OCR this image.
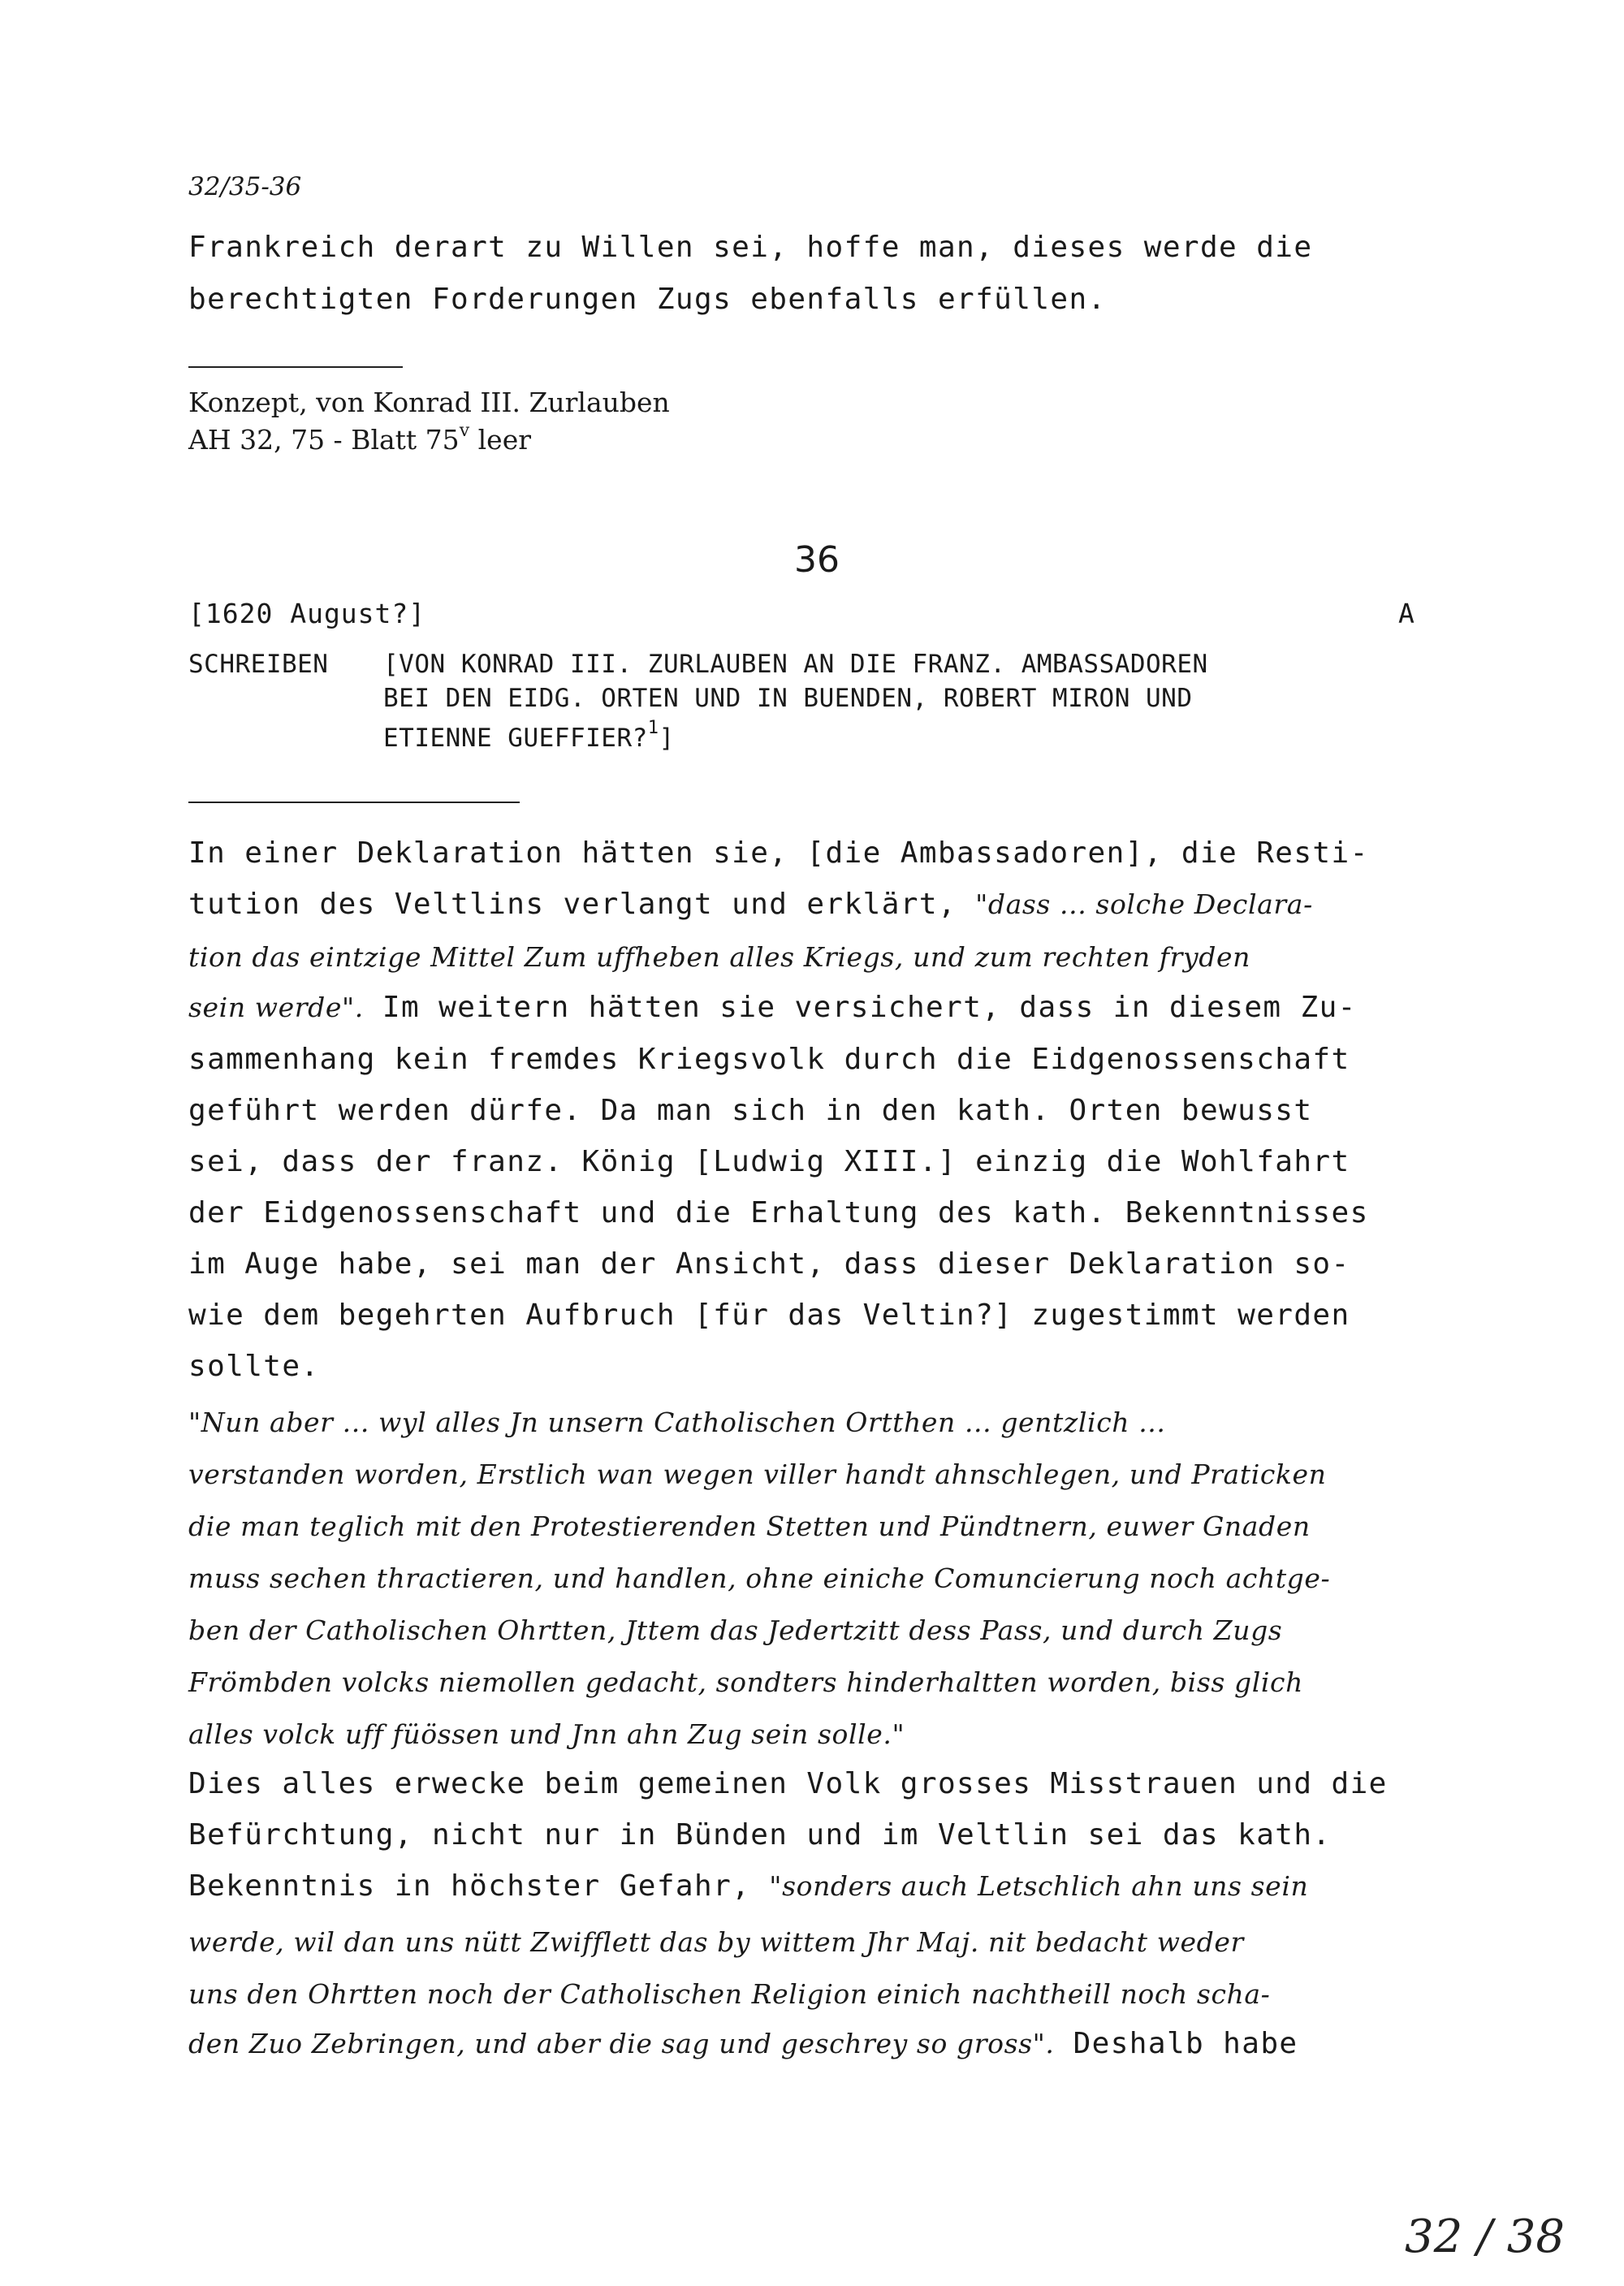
32/35-36
Frankreich derart zu Willen sei, hoffe man, dieses werde die
berechtigten Forderungen Zugs ebenfalls erfüllen.
Konzept, von Konrad III. Zurlauben
AH 32, 75 - Blatt 75$^v$ leer
36
[1620 August?]	A
SCHREIBEN [VON KONRAD III. ZURLAUBEN AN DIE FRANZ. AMBASSADOREN
BEI DEN EIDG. ORTEN UND IN BUENDEN, ROBERT MIRON UND
ETIENNE GUEFFIER?$^1$]
In einer Deklaration hätten sie, [die Ambassadoren], die Resti-
tution des Veltlins verlangt und erklärt, "dass ... solche Declara-
tion das eintzige Mittel Zum uffheben alles Kriegs, und zum rechten fryden
sein werde". Im weitern hätten sie versichert, dass in diesem Zu-
sammenhang kein fremdes Kriegsvolk durch die Eidgenossenschaft
geführt werden dürfe. Da man sich in den kath. Orten bewusst
sei, dass der franz. König [Ludwig XIII.] einzig die Wohlfahrt
der Eidgenossenschaft und die Erhaltung des kath. Bekenntnisses
im Auge habe, sei man der Ansicht, dass dieser Deklaration so-
wie dem begehrten Aufbruch [für das Veltin?] zugestimmt werden
sollte.
"Nun aber ... wyl alles Jn unsern Catholischen Ortthen ... gentzlich ...
verstanden worden, Erstlich wan wegen viller handt ahnschlegen, und Praticken
die man teglich mit den Protestierenden Stetten und Pündtnern, euwer Gnaden
muss sechen thractieren, und handlen, ohne einiche Comuncierung noch achtge-
ben der Catholischen Ohrtten, Jttem das Jedertzitt dess Pass, und durch Zugs
Frömbden volcks niemollen gedacht, sondters hinderhaltten worden, biss glich
alles volck uff füössen und Jnn ahn Zug sein solle."
Dies alles erwecke beim gemeinen Volk grosses Misstrauen und die
Befürchtung, nicht nur in Bünden und im Veltlin sei das kath.
Bekenntnis in höchster Gefahr, "sonders auch Letschlich ahn uns sein
werde, wil dan uns nütt Zwifflett das by wittem Jhr Maj. nit bedacht weder
uns den Ohrtten noch der Catholischen Religion einich nachtheill noch scha-
den Zuo Zebringen, und aber die sag und geschrey so gross". Deshalb habe
32 / 38
